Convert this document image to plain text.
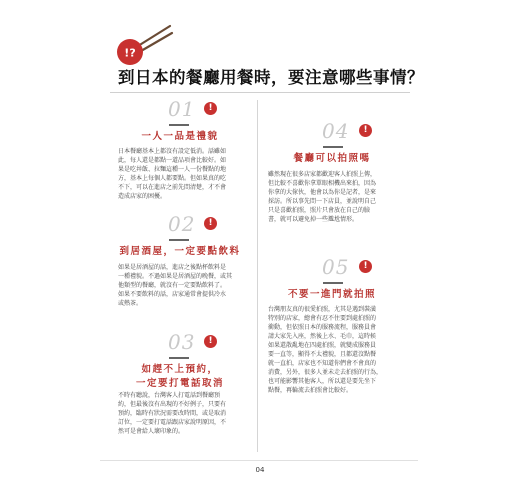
!?
到日本的餐廳用餐時，要注意哪些事情？
01	!
一人一品是禮貌
日本餐廳基本上都沒有設定低消。話雖如
此，每人還是都點一道品項會比較好。如
果是吃丼飯、拉麵這種一人一份餐點的地
方，基本上每個人都要點。但如果真的吃
不下，可以在進店之前先問清楚，才不會
造成店家的困擾。
02	!
到居酒屋，一定要點飲料
如果是居酒屋的話，進店之後點杯飲料是
一種禮貌。不過如果是居酒屋的晚餐，或其
他類型的餐廳，就沒有一定要點飲料了。
如果不要飲料的話，店家通常會提供冷水
或熱茶。
03	!
如趕不上預約，
一定要打電話取消
不時有聽說，台灣客人打電話到餐廳預
約，但最後沒有出現的不好例子，只要有
預約，臨時有狀況需要改時間，或是取消
訂位，一定要打電話跟店家說明原因，不
然可是會給人壞印象的。
04	!
餐廳可以拍照嗎
雖然現在很多店家都歡迎客人拍照上傳，
但比較不喜歡你拿單眼相機出來拍，因為
你拿的大傢伙，他會以為你是記者，是來
採訪。所以事先問一下店員，並說明自己
只是喜歡拍照，照片只會放在自己的臉
書，就可以避免掉一些尷尬情形。
05	!
不要一進門就拍照
台灣朋友真的很愛拍照，尤其是遇到裝潢
特別的店家，總會有忍不住要到處拍照的
衝動，但依照日本的服務流程，服務員會
請大家先入座，然後上水、毛巾，這時候
如果還散亂地在四處拍照，就變成服務員
要一直等，顯得不太禮貌，且都還沒點餐
就一直拍，店家也不知道你們會不會真的
消費，另外，很多人並未走去拍照的行為，
也可能影響其他客人，所以還是要先坐下
點餐，再輪流去拍照會比較好。
04
